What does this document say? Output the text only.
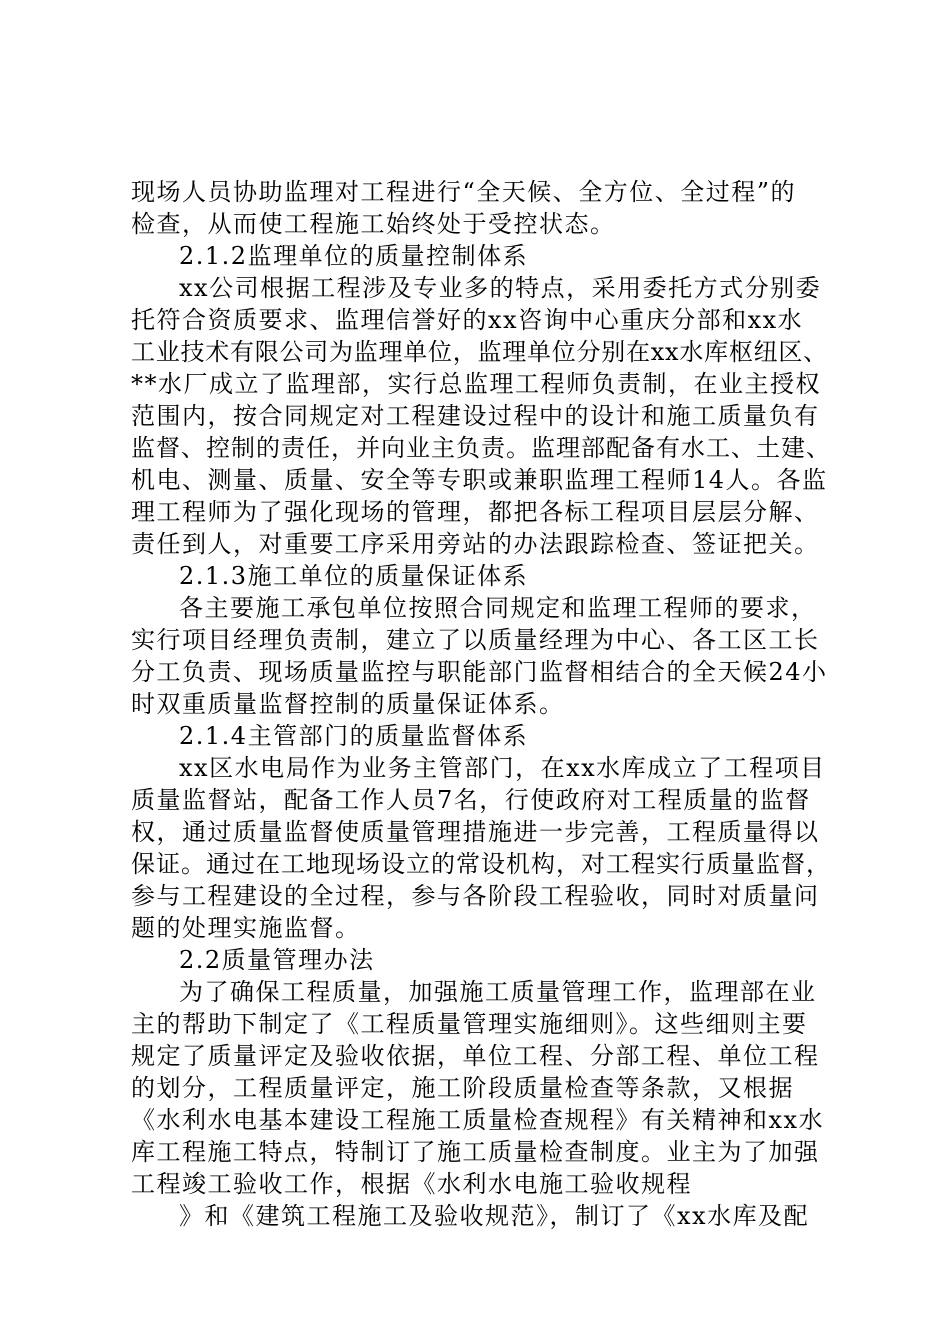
现场人员协助监理对工程进行“全天候、全方位、全过程”的
检查，从而使工程施工始终处于受控状态。
2.1.2监理单位的质量控制体系
xx公司根据工程涉及专业多的特点，采用委托方式分别委
托符合资质要求、监理信誉好的xx咨询中心重庆分部和xx水
工业技术有限公司为监理单位，监理单位分别在xx水库枢纽区、
**水厂成立了监理部，实行总监理工程师负责制，在业主授权
范围内，按合同规定对工程建设过程中的设计和施工质量负有
监督、控制的责任，并向业主负责。监理部配备有水工、土建、
机电、测量、质量、安全等专职或兼职监理工程师14人。各监
理工程师为了强化现场的管理，都把各标工程项目层层分解、
责任到人，对重要工序采用旁站的办法跟踪检查、签证把关。
2.1.3施工单位的质量保证体系
各主要施工承包单位按照合同规定和监理工程师的要求，
实行项目经理负责制，建立了以质量经理为中心、各工区工长
分工负责、现场质量监控与职能部门监督相结合的全天候24小
时双重质量监督控制的质量保证体系。
2.1.4主管部门的质量监督体系
xx区水电局作为业务主管部门，在xx水库成立了工程项目
质量监督站，配备工作人员7名，行使政府对工程质量的监督
权，通过质量监督使质量管理措施进一步完善，工程质量得以
保证。通过在工地现场设立的常设机构，对工程实行质量监督，
参与工程建设的全过程，参与各阶段工程验收，同时对质量问
题的处理实施监督。
2.2质量管理办法
为了确保工程质量，加强施工质量管理工作，监理部在业
主的帮助下制定了《工程质量管理实施细则》。这些细则主要
规定了质量评定及验收依据，单位工程、分部工程、单位工程
的划分，工程质量评定，施工阶段质量检查等条款，又根据
《水利水电基本建设工程施工质量检查规程》有关精神和xx水
库工程施工特点，特制订了施工质量检查制度。业主为了加强
工程竣工验收工作，根据《水利水电施工验收规程
》和《建筑工程施工及验收规范》，制订了《xx水库及配
